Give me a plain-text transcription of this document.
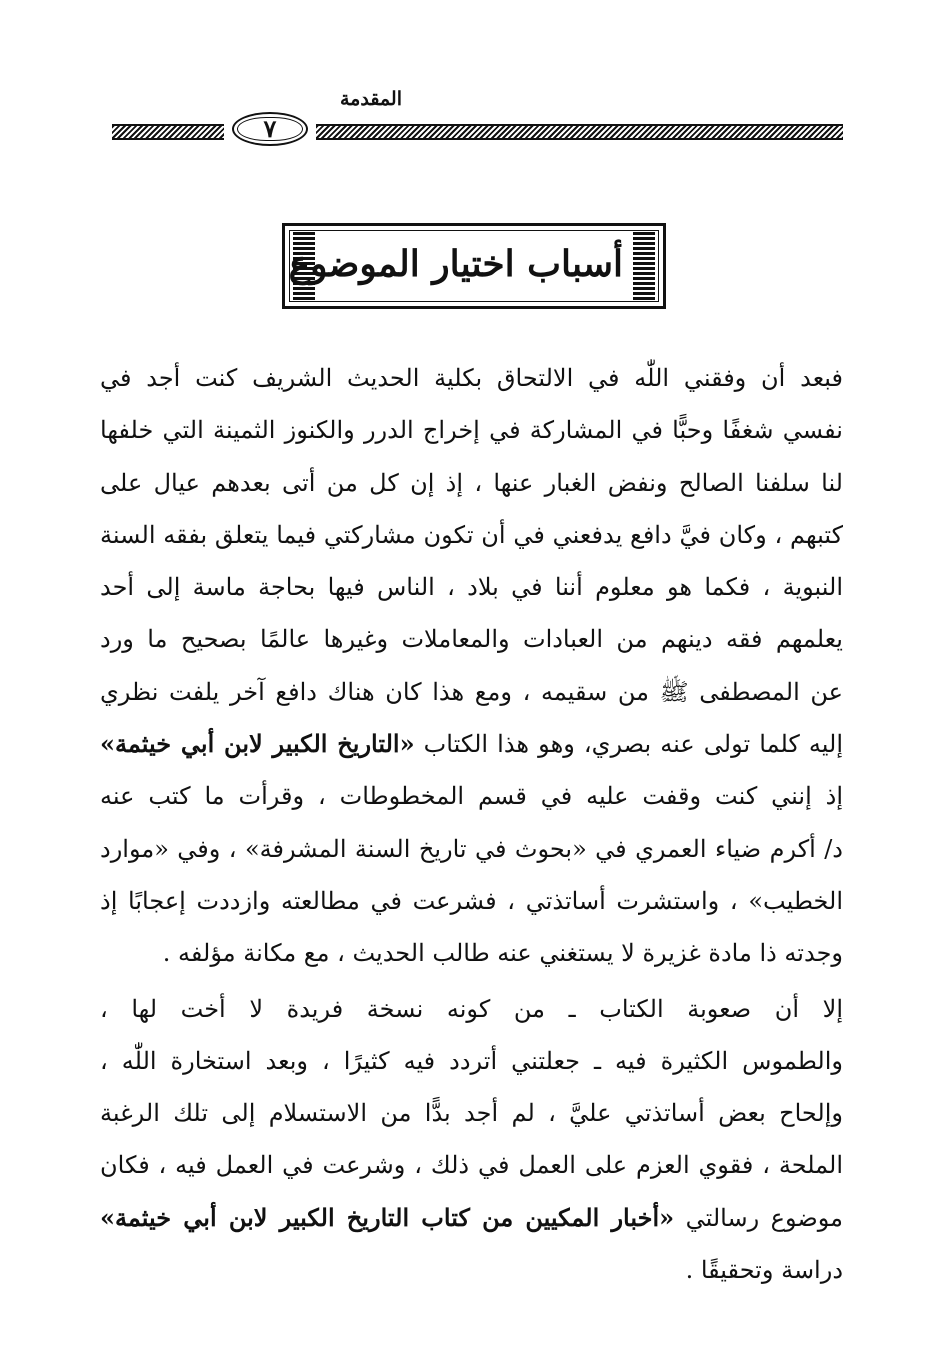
المقدمة
٧
أسباب اختيار الموضوع
فبعد أن وفقني اللّٰه في الالتحاق بكلية الحديث الشريف كنت أجد في
نفسي شغفًا وحبًّا في المشاركة في إخراج الدرر والكنوز الثمينة التي خلفها
لنا سلفنا الصالح ونفض الغبار عنها ، إذ إن كل من أتى بعدهم عيال على
كتبهم ، وكان فيَّ دافع يدفعني في أن تكون مشاركتي فيما يتعلق بفقه السنة
النبوية ، فكما هو معلوم أننا في بلاد ، الناس فيها بحاجة ماسة إلى أحد
يعلمهم فقه دينهم من العبادات والمعاملات وغيرها عالمًا بصحيح ما ورد
عن المصطفى ﷺ من سقيمه ، ومع هذا كان هناك دافع آخر يلفت نظري
إليه كلما تولى عنه بصري، وهو هذا الكتاب «التاريخ الكبير لابن أبي خيثمة»
إذ إنني كنت وقفت عليه في قسم المخطوطات ، وقرأت ما كتب عنه
د/ أكرم ضياء العمري في «بحوث في تاريخ السنة المشرفة» ، وفي «موارد
الخطيب» ، واستشرت أساتذتي ، فشرعت في مطالعته وازددت إعجابًا إذ
وجدته ذا مادة غزيرة لا يستغني عنه طالب الحديث ، مع مكانة مؤلفه .
إلا أن صعوبة الكتاب ـ من كونه نسخة فريدة لا أخت لها ،
والطموس الكثيرة فيه ـ جعلتني أتردد فيه كثيرًا ، وبعد استخارة اللّٰه ،
وإلحاح بعض أساتذتي عليَّ ، لم أجد بدًّا من الاستسلام إلى تلك الرغبة
الملحة ، فقوي العزم على العمل في ذلك ، وشرعت في العمل فيه ، فكان
موضوع رسالتي «أخبار المكيين من كتاب التاريخ الكبير لابن أبي خيثمة»
دراسة وتحقيقًا .
